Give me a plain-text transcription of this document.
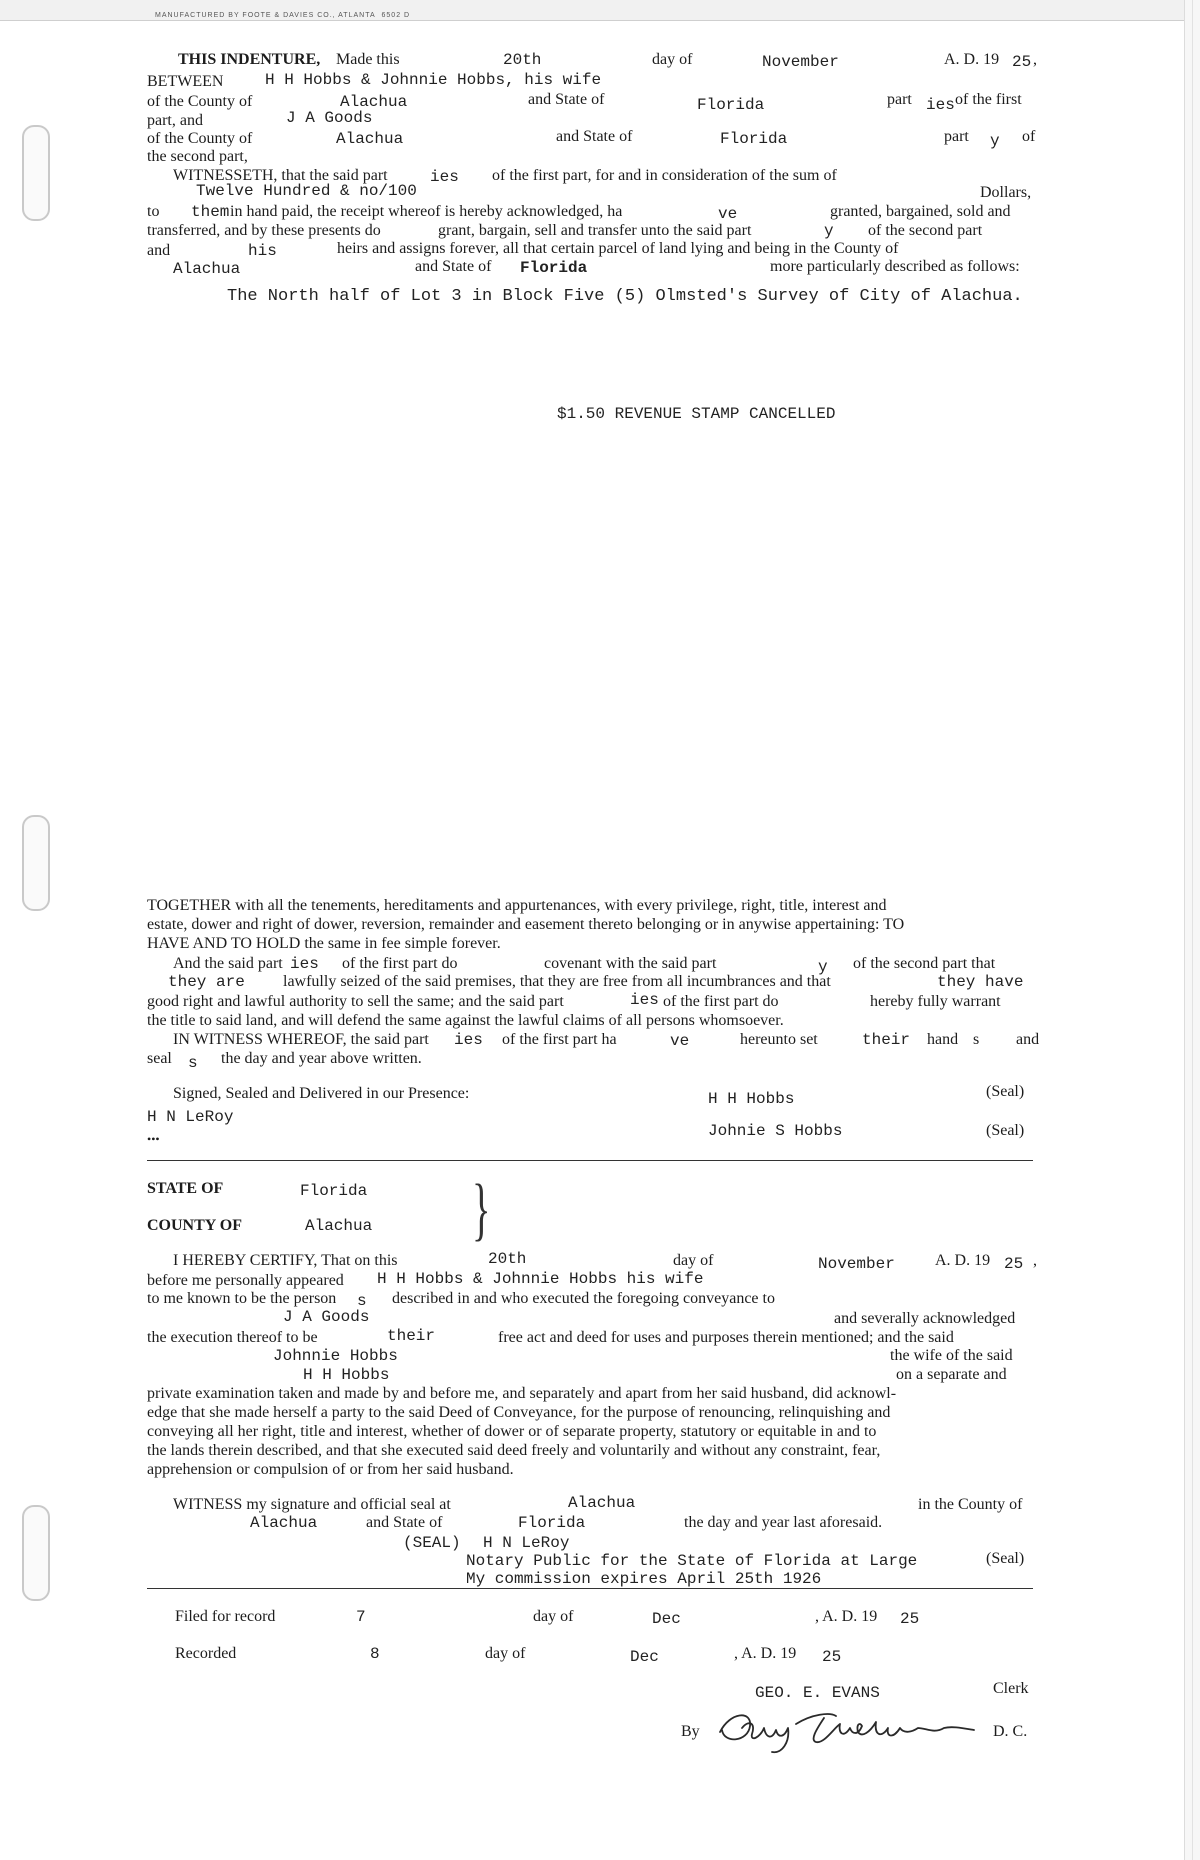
MANUFACTURED BY FOOTE & DAVIES CO., ATLANTA 6502 D
THIS INDENTURE, Made this	20th	day of	November	A. D. 19 25 ,
BETWEEN	H H Hobbs & Johnnie Hobbs, his wife
of the County of	Alachua	and State of	Florida	part ies of the first
part, and	J A Goods
of the County of	Alachua	and State of	Florida	part y of
the second part,
WITNESSETH, that the said part	ies of the first part, for and in consideration of the sum of
Twelve Hundred & no/100	Dollars,
to them in hand paid, the receipt whereof is hereby acknowledged, ha	ve	granted, bargained, sold and
transferred, and by these presents do	grant, bargain, sell and transfer unto the said part	y of the second part
and	his	heirs and assigns forever, all that certain parcel of land lying and being in the County of
Alachua	and State of Florida	more particularly described as follows:
The North half of Lot 3 in Block Five (5) Olmsted's Survey of City of Alachua.
$1.50 REVENUE STAMP CANCELLED
TOGETHER with all the tenements, hereditaments and appurtenances, with every privilege, right, title, interest and
estate, dower and right of dower, reversion, remainder and easement thereto belonging or in anywise appertaining: TO
HAVE AND TO HOLD the same in fee simple forever.
And the said part ies of the first part do	covenant with the said part	y of the second part that
they are lawfully seized of the said premises, that they are free from all incumbrances and that	they have
good right and lawful authority to sell the same; and the said part	ies of the first part do	hereby fully warrant
the title to said land, and will defend the same against the lawful claims of all persons whomsoever.
IN WITNESS WHEREOF, the said part ies of the first part ha	ve	hereunto set	their hand s and
seal s the day and year above written.
Signed, Sealed and Delivered in our Presence:
H N LeRoy
•••
H H Hobbs	(Seal)
Johnie S Hobbs	(Seal)
STATE OF	Florida
COUNTY OF	Alachua }
I HEREBY CERTIFY, That on this	20th	day of	November	A. D. 19 25 ,
before me personally appeared H H Hobbs & Johnnie Hobbs his wife
to me known to be the person s described in and who executed the foregoing conveyance to
J A Goods	and severally acknowledged
the execution thereof to be	their	free act and deed for uses and purposes therein mentioned; and the said
Johnnie Hobbs	the wife of the said
H H Hobbs	on a separate and
private examination taken and made by and before me, and separately and apart from her said husband, did acknowl-
edge that she made herself a party to the said Deed of Conveyance, for the purpose of renouncing, relinquishing and
conveying all her right, title and interest, whether of dower or of separate property, statutory or equitable in and to
the lands therein described, and that she executed said deed freely and voluntarily and without any constraint, fear,
apprehension or compulsion of or from her said husband.
WITNESS my signature and official seal at	Alachua	in the County of
Alachua	and State of	Florida	the day and year last aforesaid.
(SEAL) H N LeRoy
Notary Public for the State of Florida at Large	(Seal)
My commission expires April 25th 1926
Filed for record	7	day of	Dec	, A. D. 19 25
Recorded	8	day of	Dec	, A. D. 19 25
GEO. E. EVANS	Clerk
By	D. C.
